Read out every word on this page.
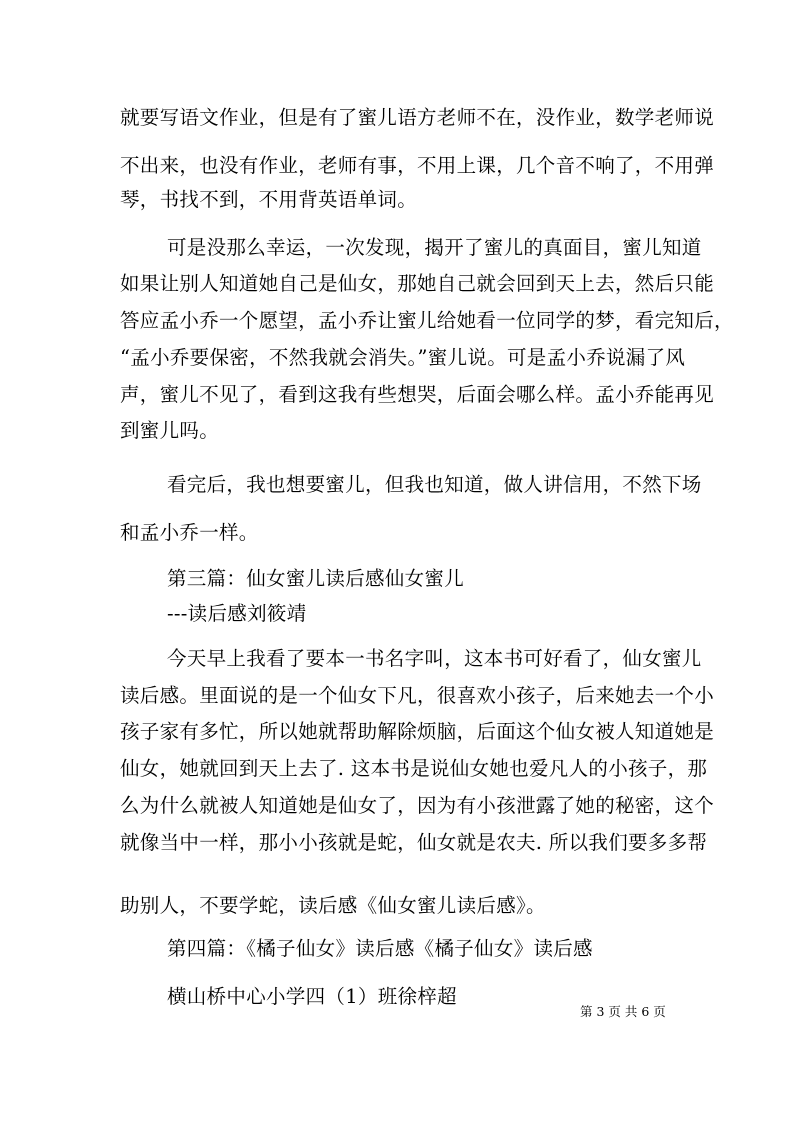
就要写语文作业，但是有了蜜儿语方老师不在，没作业，数学老师说
不出来，也没有作业，老师有事，不用上课，几个音不响了，不用弹
琴，书找不到，不用背英语单词。
可是没那么幸运，一次发现，揭开了蜜儿的真面目，蜜儿知道
如果让别人知道她自己是仙女，那她自己就会回到天上去，然后只能
答应孟小乔一个愿望，孟小乔让蜜儿给她看一位同学的梦，看完知后，
“孟小乔要保密，不然我就会消失。”蜜儿说。可是孟小乔说漏了风
声，蜜儿不见了，看到这我有些想哭，后面会哪么样。孟小乔能再见
到蜜儿吗。
看完后，我也想要蜜儿，但我也知道，做人讲信用，不然下场
和孟小乔一样。
第三篇：仙女蜜儿读后感仙女蜜儿
---读后感刘筱靖
今天早上我看了要本一书名字叫，这本书可好看了，仙女蜜儿
读后感。里面说的是一个仙女下凡，很喜欢小孩子，后来她去一个小
孩子家有多忙，所以她就帮助解除烦脑，后面这个仙女被人知道她是
仙女，她就回到天上去了. 这本书是说仙女她也爱凡人的小孩子，那
么为什么就被人知道她是仙女了，因为有小孩泄露了她的秘密，这个
就像当中一样，那小小孩就是蛇，仙女就是农夫. 所以我们要多多帮
助别人，不要学蛇，读后感《仙女蜜儿读后感》。
第四篇：《橘子仙女》读后感《橘子仙女》读后感
横山桥中心小学四（1）班徐梓超
第 3 页 共 6 页
